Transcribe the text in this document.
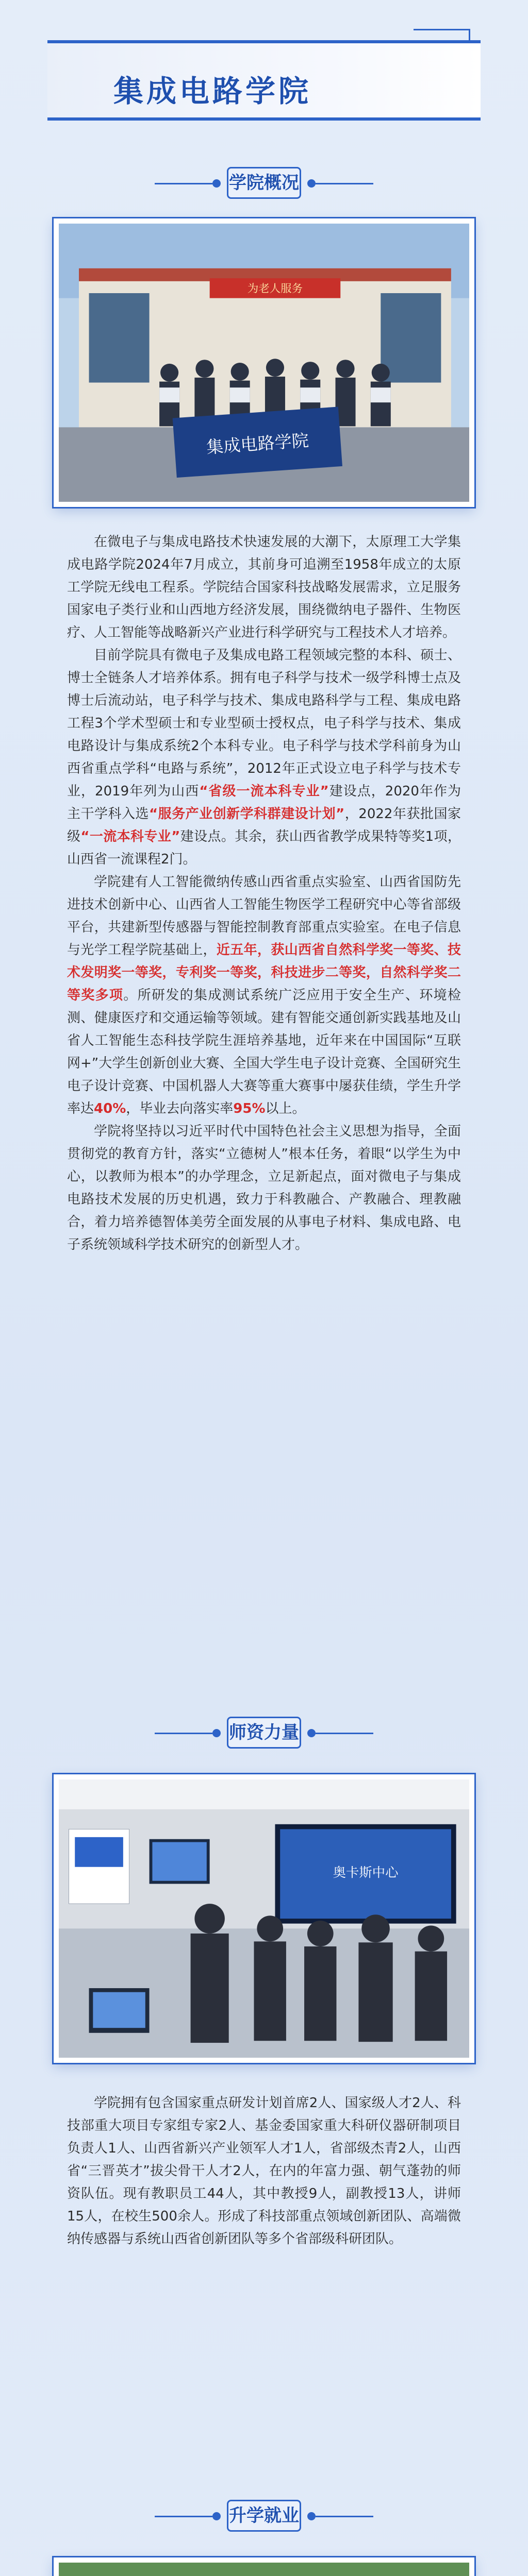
集成电路学院
学院概况
为老人服务
集成电路学院

在微电子与集成电路技术快速发展的大潮下，太原理工大学集成电路学院2024年7月成立，其前身可追溯至1958年成立的太原工学院无线电工程系。学院结合国家科技战略发展需求，立足服务国家电子类行业和山西地方经济发展，围绕微纳电子器件、生物医疗、人工智能等战略新兴产业进行科学研究与工程技术人才培养。

目前学院具有微电子及集成电路工程领域完整的本科、硕士、博士全链条人才培养体系。拥有电子科学与技术一级学科博士点及博士后流动站，电子科学与技术、集成电路科学与工程、集成电路工程3个学术型硕士和专业型硕士授权点，电子科学与技术、集成电路设计与集成系统2个本科专业。电子科学与技术学科前身为山西省重点学科“电路与系统”，2012年正式设立电子科学与技术专业，2019年列为山西“省级一流本科专业”建设点，2020年作为主干学科入选“服务产业创新学科群建设计划”，2022年获批国家级“一流本科专业”建设点。其余，获山西省教学成果特等奖1项，山西省一流课程2门。

学院建有人工智能微纳传感山西省重点实验室、山西省国防先进技术创新中心、山西省人工智能生物医学工程研究中心等省部级平台，共建新型传感器与智能控制教育部重点实验室。在电子信息与光学工程学院基础上，近五年，获山西省自然科学奖一等奖、技术发明奖一等奖，专利奖一等奖，科技进步二等奖，自然科学奖二等奖多项。所研发的集成测试系统广泛应用于安全生产、环境检测、健康医疗和交通运输等领域。建有智能交通创新实践基地及山省人工智能生态科技学院生涯培养基地，近年来在中国国际“互联网+”大学生创新创业大赛、全国大学生电子设计竞赛、全国研究生电子设计竞赛、中国机器人大赛等重大赛事中屡获佳绩，学生升学率达40%，毕业去向落实率95%以上。

学院将坚持以习近平时代中国特色社会主义思想为指导，全面贯彻党的教育方针，落实“立德树人”根本任务，着眼“以学生为中心，以教师为根本”的办学理念，立足新起点，面对微电子与集成电路技术发展的历史机遇，致力于科教融合、产教融合、理教融合，着力培养德智体美劳全面发展的从事电子材料、集成电路、电子系统领域科学技术研究的创新型人才。

师资力量
奥卡斯中心

学院拥有包含国家重点研发计划首席2人、国家级人才2人、科技部重大项目专家组专家2人、基金委国家重大科研仪器研制项目负责人1人、山西省新兴产业领军人才1人，省部级杰青2人，山西省“三晋英才”拔尖骨干人才2人，在内的年富力强、朝气蓬勃的师资队伍。现有教职员工44人，其中教授9人，副教授13人，讲师15人，在校生500余人。形成了科技部重点领域创新团队、高端微纳传感器与系统山西省创新团队等多个省部级科研团队。

升学就业
